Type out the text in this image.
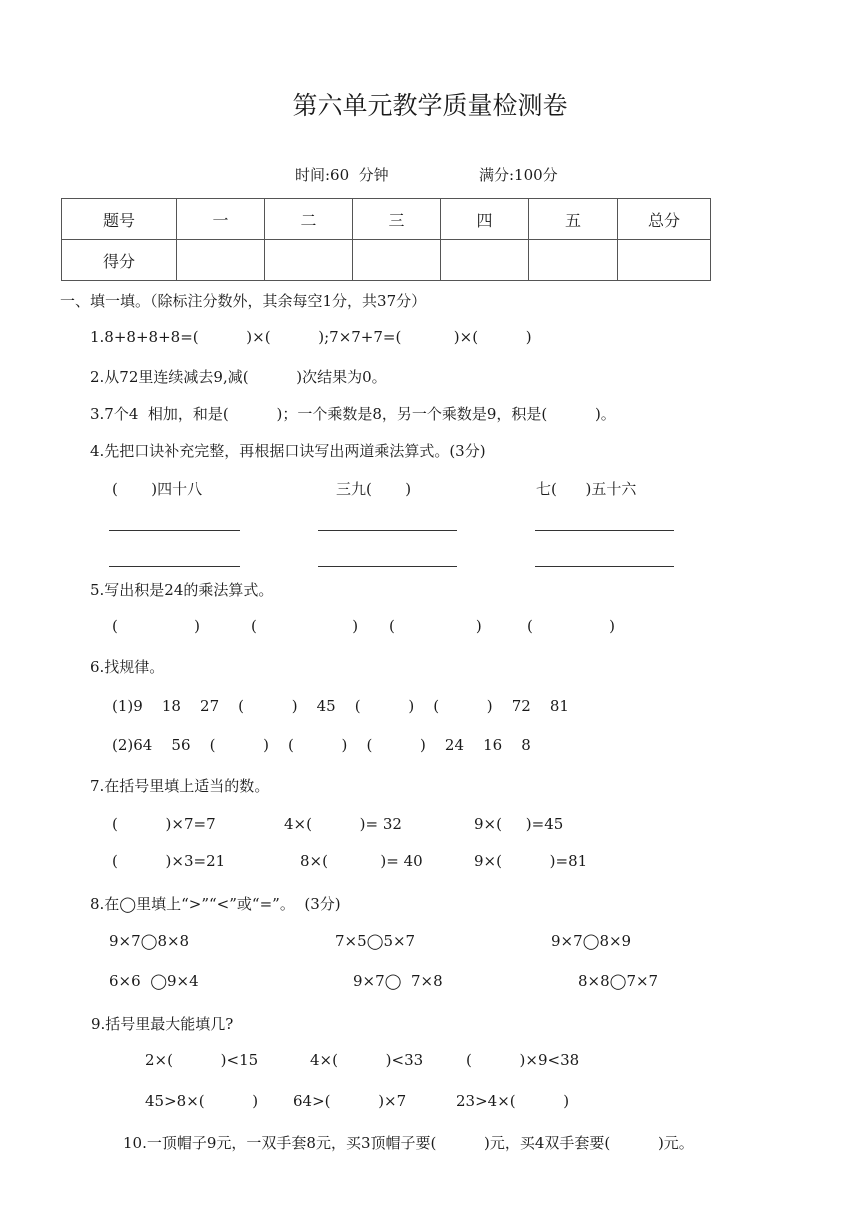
第六单元教学质量检测卷
时间:60  分钟	满分:100分
题号	一	二	三	四	五	总分
得分						
一、填一填。（除标注分数外，其余每空1分，共37分）
1.8+8+8+8=(          )×(          );7×7+7=(           )×(          )
2.从72里连续减去9,减(          )次结果为0。
3.7个4  相加，和是(          )；一个乘数是8，另一个乘数是9，积是(          )。
4.先把口诀补充完整，再根据口诀写出两道乘法算式。(3分)
(       )四十八	三九(       )	七(      )五十六
5.写出积是24的乘法算式。
(                )	(                    ) (                 )	(                )
6.找规律。
(1)9    18    27    (          )    45    (          )    (          )    72    81
(2)64    56    (          )    (          )    (          )    24    16    8
7.在括号里填上适当的数。
(          )×7=7	4×(          )= 32	9×(     )=45
(          )×3=21	8×(           )= 40	9×(          )=81
8.在◯里填上“>”“<”或“=”。  (3分)
9×7◯8×8	7×5◯5×7	9×7◯8×9
6×6  ◯9×4	9×7◯  7×8	8×8◯7×7
9.括号里最大能填几?
2×(          )<15	4×(          )<33	(          )×9<38
45>8×(          ) 64>(          )×7	23>4×(          )
10.一顶帽子9元，一双手套8元，买3顶帽子要(          )元，买4双手套要(          )元。
